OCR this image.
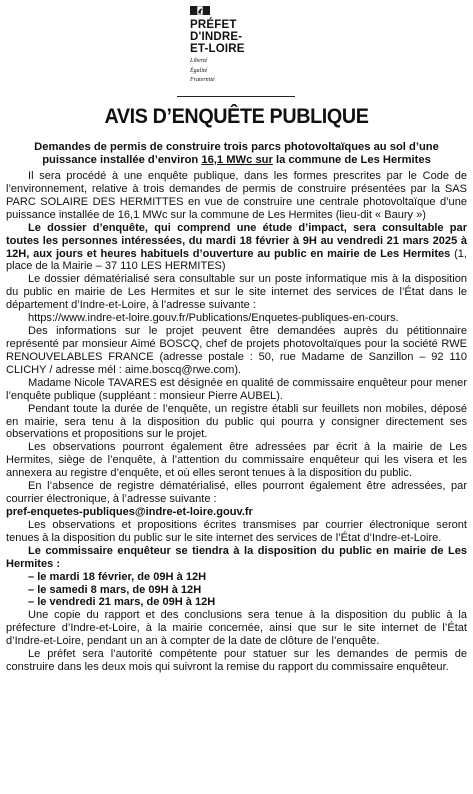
PRÉFET
D'INDRE-
ET-LOIRE
Liberté
Égalité
Fraternité
AVIS D’ENQUÊTE PUBLIQUE
Demandes de permis de construire trois parcs photovoltaïques au sol d’une puissance installée d’environ 16,1 MWc sur la commune de Les Hermites

Il sera procédé à une enquête publique, dans les formes prescrites par le Code de l’environnement, relative à trois demandes de permis de construire présentées par la SAS PARC SOLAIRE DES HERMITTES en vue de construire une centrale photovoltaïque d’une puissance installée de 16,1 MWc sur la commune de Les Hermites (lieu-dit « Baury »)

Le dossier d’enquête, qui comprend une étude d’impact, sera consultable par toutes les personnes intéressées, du mardi 18 février à 9H au vendredi 21 mars 2025 à 12H, aux jours et heures habituels d’ouverture au public en mairie de Les Hermites (1, place de la Mairie – 37 110 LES HERMITES)

Le dossier dématérialisé sera consultable sur un poste informatique mis à la disposition du public en mairie de Les Hermites et sur le site internet des services de l’État dans le département d’Indre-et-Loire, à l’adresse suivante :

https://www.indre-et-loire.gouv.fr/Publications/Enquetes-publiques-en-cours.

Des informations sur le projet peuvent être demandées auprès du pétitionnaire représenté par monsieur Aimé BOSCQ, chef de projets photovoltaïques pour la société RWE RENOUVELABLES FRANCE (adresse postale : 50, rue Madame de Sanzillon – 92 110 CLICHY / adresse mél : aime.boscq@rwe.com).

Madame Nicole TAVARES est désignée en qualité de commissaire enquêteur pour mener l’enquête publique (suppléant : monsieur Pierre AUBEL).

Pendant toute la durée de l’enquête, un registre établi sur feuillets non mobiles, déposé en mairie, sera tenu à la disposition du public qui pourra y consigner directement ses observations et propositions sur le projet.

Les observations pourront également être adressées par écrit à la mairie de Les Hermites, siège de l’enquête, à l’attention du commissaire enquêteur qui les visera et les annexera au registre d’enquête, et où elles seront tenues à la disposition du public.

En l’absence de registre dématérialisé, elles pourront également être adressées, par courrier électronique, à l’adresse suivante :

pref-enquetes-publiques@indre-et-loire.gouv.fr

Les observations et propositions écrites transmises par courrier électronique seront tenues à la disposition du public sur le site internet des services de l’État d’Indre-et-Loire.

Le commissaire enquêteur se tiendra à la disposition du public en mairie de Les Hermites :

– le mardi 18 février, de 09H à 12H
– le samedi 8 mars, de 09H à 12H
– le vendredi 21 mars, de 09H à 12H

Une copie du rapport et des conclusions sera tenue à la disposition du public à la préfecture d’Indre-et-Loire, à la mairie concernée, ainsi que sur le site internet de l’État d’Indre-et-Loire, pendant un an à compter de la date de clôture de l’enquête.

Le préfet sera l’autorité compétente pour statuer sur les demandes de permis de construire dans les deux mois qui suivront la remise du rapport du commissaire enquêteur.
